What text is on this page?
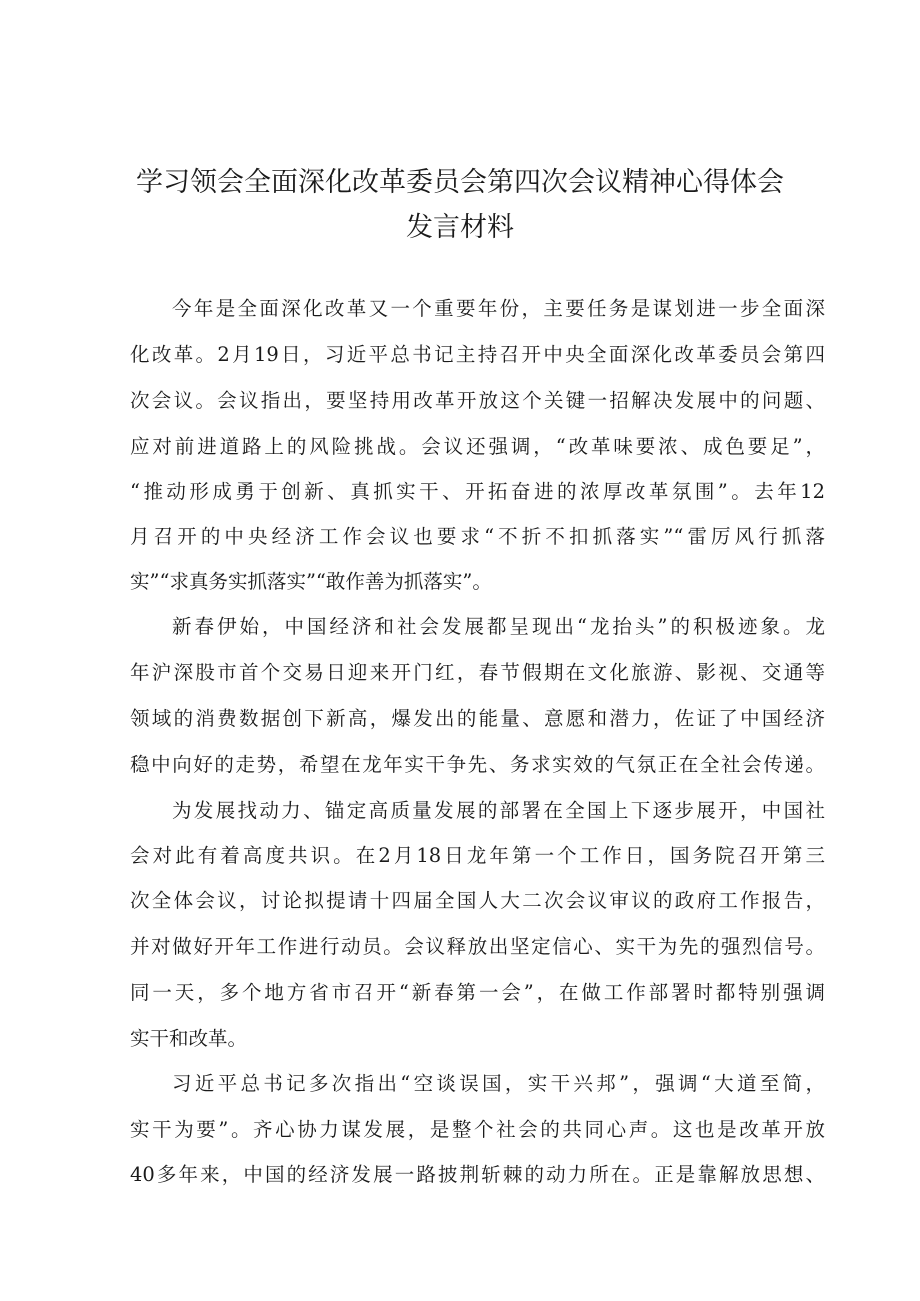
学习领会全面深化改革委员会第四次会议精神心得体会
发言材料
今年是全面深化改革又一个重要年份，主要任务是谋划进一步全面深
化改革。2月19日，习近平总书记主持召开中央全面深化改革委员会第四
次会议。会议指出，要坚持用改革开放这个关键一招解决发展中的问题、
应对前进道路上的风险挑战。会议还强调，“改革味要浓、成色要足”，
“推动形成勇于创新、真抓实干、开拓奋进的浓厚改革氛围”。去年12
月召开的中央经济工作会议也要求“不折不扣抓落实”“雷厉风行抓落
实”“求真务实抓落实”“敢作善为抓落实”。
新春伊始，中国经济和社会发展都呈现出“龙抬头”的积极迹象。龙
年沪深股市首个交易日迎来开门红，春节假期在文化旅游、影视、交通等
领域的消费数据创下新高，爆发出的能量、意愿和潜力，佐证了中国经济
稳中向好的走势，希望在龙年实干争先、务求实效的气氛正在全社会传递。
为发展找动力、锚定高质量发展的部署在全国上下逐步展开，中国社
会对此有着高度共识。在2月18日龙年第一个工作日，国务院召开第三
次全体会议，讨论拟提请十四届全国人大二次会议审议的政府工作报告，
并对做好开年工作进行动员。会议释放出坚定信心、实干为先的强烈信号。
同一天，多个地方省市召开“新春第一会”，在做工作部署时都特别强调
实干和改革。
习近平总书记多次指出“空谈误国，实干兴邦”，强调“大道至简，
实干为要”。齐心协力谋发展，是整个社会的共同心声。这也是改革开放
40多年来，中国的经济发展一路披荆斩棘的动力所在。正是靠解放思想、
